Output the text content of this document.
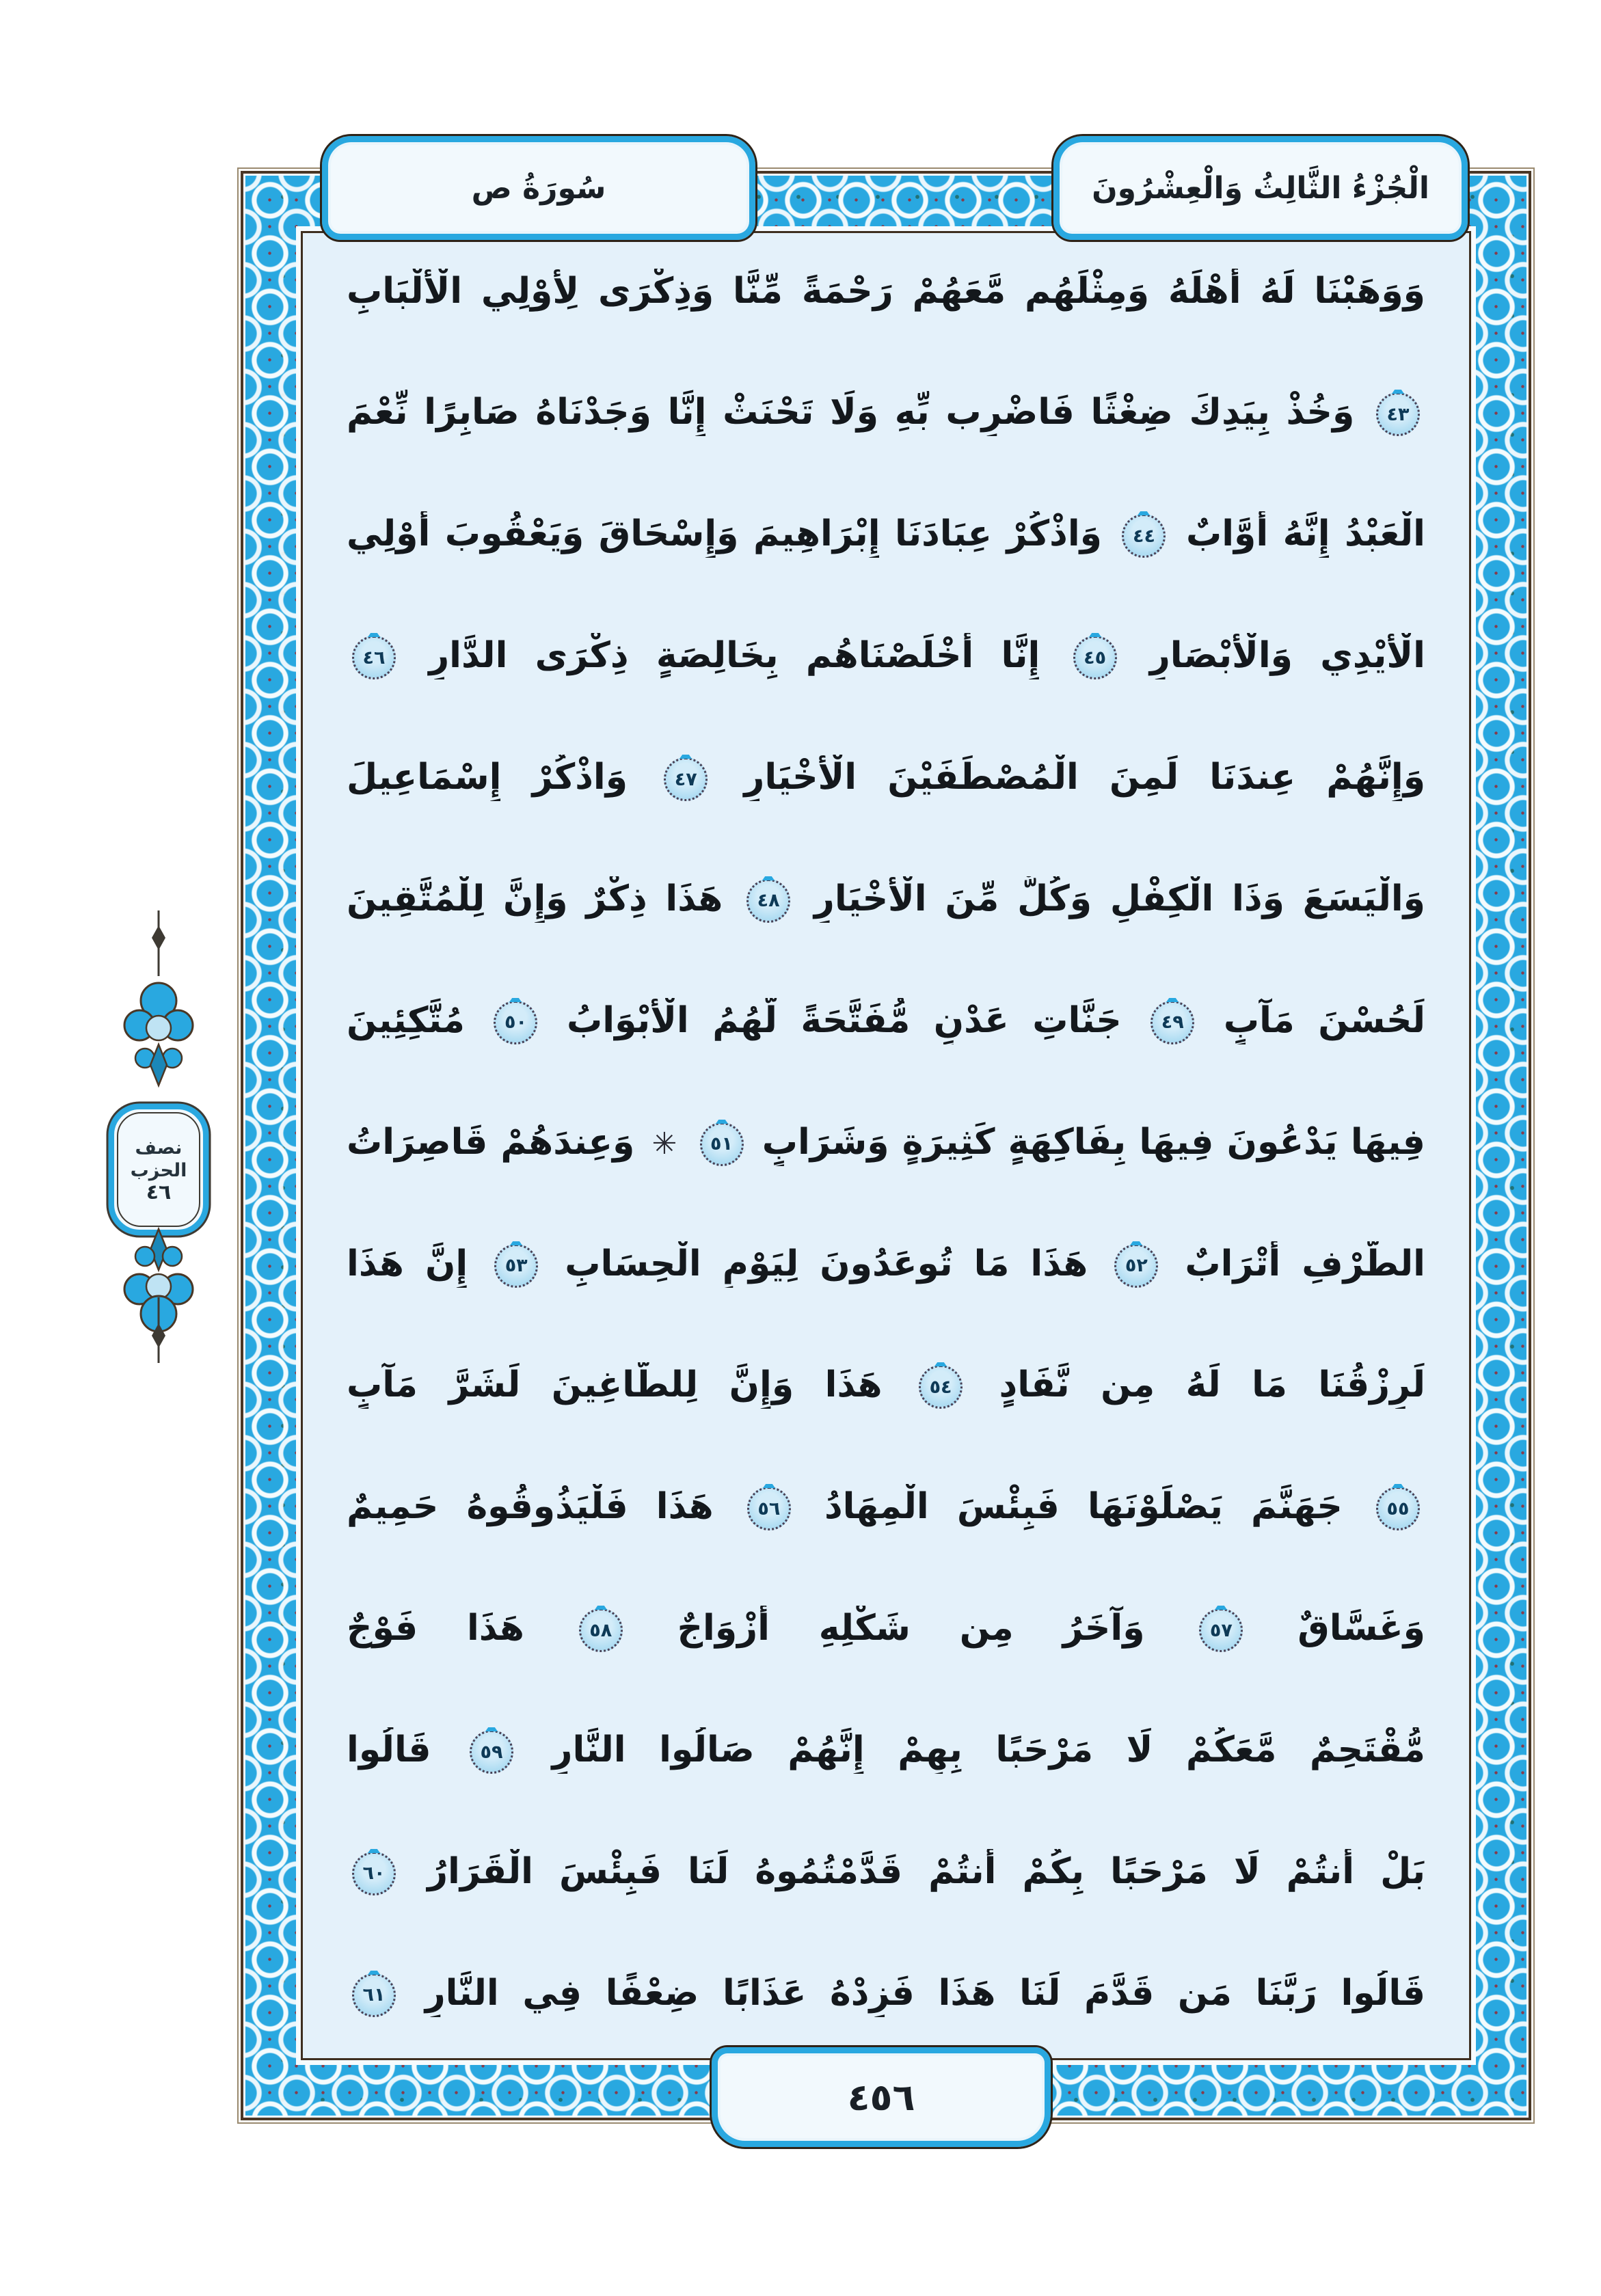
وَوَهَبْنَا لَهُ أَهْلَهُ وَمِثْلَهُم مَّعَهُمْ رَحْمَةً مِّنَّا وَذِكْرَى لِأُوْلِي الْأَلْبَابِ
٤٣
وَخُذْ بِيَدِكَ ضِغْثًا فَاضْرِب بِّهِ وَلَا تَحْنَثْ إِنَّا وَجَدْنَاهُ صَابِرًا نِّعْمَ
الْعَبْدُ إِنَّهُ أَوَّابٌ
٤٤
وَاذْكُرْ عِبَادَنَا إِبْرَاهِيمَ وَإِسْحَاقَ وَيَعْقُوبَ أُوْلِي
الْأَيْدِي وَالْأَبْصَارِ
٤٥
إِنَّا أَخْلَصْنَاهُم بِخَالِصَةٍ ذِكْرَى الدَّارِ
٤٦
وَإِنَّهُمْ عِندَنَا لَمِنَ الْمُصْطَفَيْنَ الْأَخْيَارِ
٤٧
وَاذْكُرْ إِسْمَاعِيلَ
وَالْيَسَعَ وَذَا الْكِفْلِ وَكُلٌّ مِّنَ الْأَخْيَارِ
٤٨
هَذَا ذِكْرٌ وَإِنَّ لِلْمُتَّقِينَ
لَحُسْنَ مَآبٍ
٤٩
جَنَّاتِ عَدْنٍ مُّفَتَّحَةً لَّهُمُ الْأَبْوَابُ
٥٠
مُتَّكِئِينَ
فِيهَا يَدْعُونَ فِيهَا بِفَاكِهَةٍ كَثِيرَةٍ وَشَرَابٍ
٥١
✳ وَعِندَهُمْ قَاصِرَاتُ
الطَّرْفِ أَتْرَابٌ
٥٢
هَذَا مَا تُوعَدُونَ لِيَوْمِ الْحِسَابِ
٥٣
إِنَّ هَذَا
لَرِزْقُنَا مَا لَهُ مِن نَّفَادٍ
٥٤
هَذَا وَإِنَّ لِلطَّاغِينَ لَشَرَّ مَآبٍ
٥٥
جَهَنَّمَ يَصْلَوْنَهَا فَبِئْسَ الْمِهَادُ
٥٦
هَذَا فَلْيَذُوقُوهُ حَمِيمٌ
وَغَسَّاقٌ
٥٧
وَآخَرُ مِن شَكْلِهِ أَزْوَاجٌ
٥٨
هَذَا فَوْجٌ
مُّقْتَحِمٌ مَّعَكُمْ لَا مَرْحَبًا بِهِمْ إِنَّهُمْ صَالُوا النَّارِ
٥٩
قَالُوا
بَلْ أَنتُمْ لَا مَرْحَبًا بِكُمْ أَنتُمْ قَدَّمْتُمُوهُ لَنَا فَبِئْسَ الْقَرَارُ
٦٠
قَالُوا رَبَّنَا مَن قَدَّمَ لَنَا هَذَا فَزِدْهُ عَذَابًا ضِعْفًا فِي النَّارِ
٦١
سُورَةُ ص	الْجُزْءُ الثَّالِثُ وَالْعِشْرُونَ
٤٥٦
نصف
الحزب
٤٦
